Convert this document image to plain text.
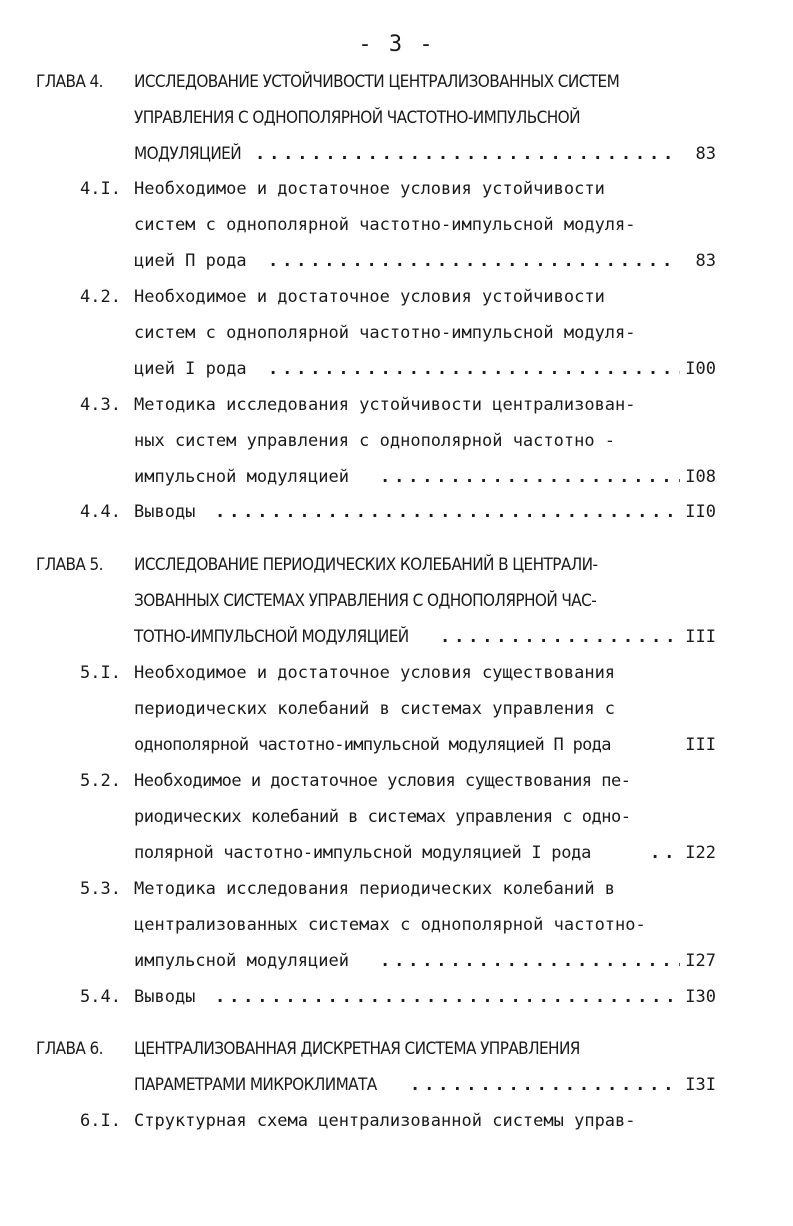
- 3 -
ГЛАВА 4. ИССЛЕДОВАНИЕ УСТОЙЧИВОСТИ ЦЕНТРАЛИЗОВАННЫХ СИСТЕМ
УПРАВЛЕНИЯ С ОДНОПОЛЯРНОЙ ЧАСТОТНО-ИМПУЛЬСНОЙ
МОДУЛЯЦИЕЙ . . .	83
4.I. Необходимое и достаточное условия устойчивости
систем с однополярной частотно-импульсной модуля-
цией П рода . . .	83
4.2. Необходимое и достаточное условия устойчивости
систем с однополярной частотно-импульсной модуля-
цией I рода . . .	I00
4.3. Методика исследования устойчивости централизован-
ных систем управления с однополярной частотно -
импульсной модуляцией . . .	I08
4.4. Выводы . . .	II0
ГЛАВА 5. ИССЛЕДОВАНИЕ ПЕРИОДИЧЕСКИХ КОЛЕБАНИЙ В ЦЕНТРАЛИ-
ЗОВАННЫХ СИСТЕМАХ УПРАВЛЕНИЯ С ОДНОПОЛЯРНОЙ ЧАС-
ТОТНО-ИМПУЛЬСНОЙ МОДУЛЯЦИЕЙ . . .	III
5.I. Необходимое и достаточное условия существования
периодических колебаний в системах управления с
однополярной частотно-импульсной модуляцией П рода	III
5.2. Необходимое и достаточное условия существования пе-
риодических колебаний в системах управления с одно-
полярной частотно-импульсной модуляцией I рода . . .	I22
5.3. Методика исследования периодических колебаний в
централизованных системах с однополярной частотно-
импульсной модуляцией . . .	I27
5.4. Выводы . . .	I30
ГЛАВА 6. ЦЕНТРАЛИЗОВАННАЯ ДИСКРЕТНАЯ СИСТЕМА УПРАВЛЕНИЯ
ПАРАМЕТРАМИ МИКРОКЛИМАТА . . .	I3I
6.I. Структурная схема централизованной системы управ-
